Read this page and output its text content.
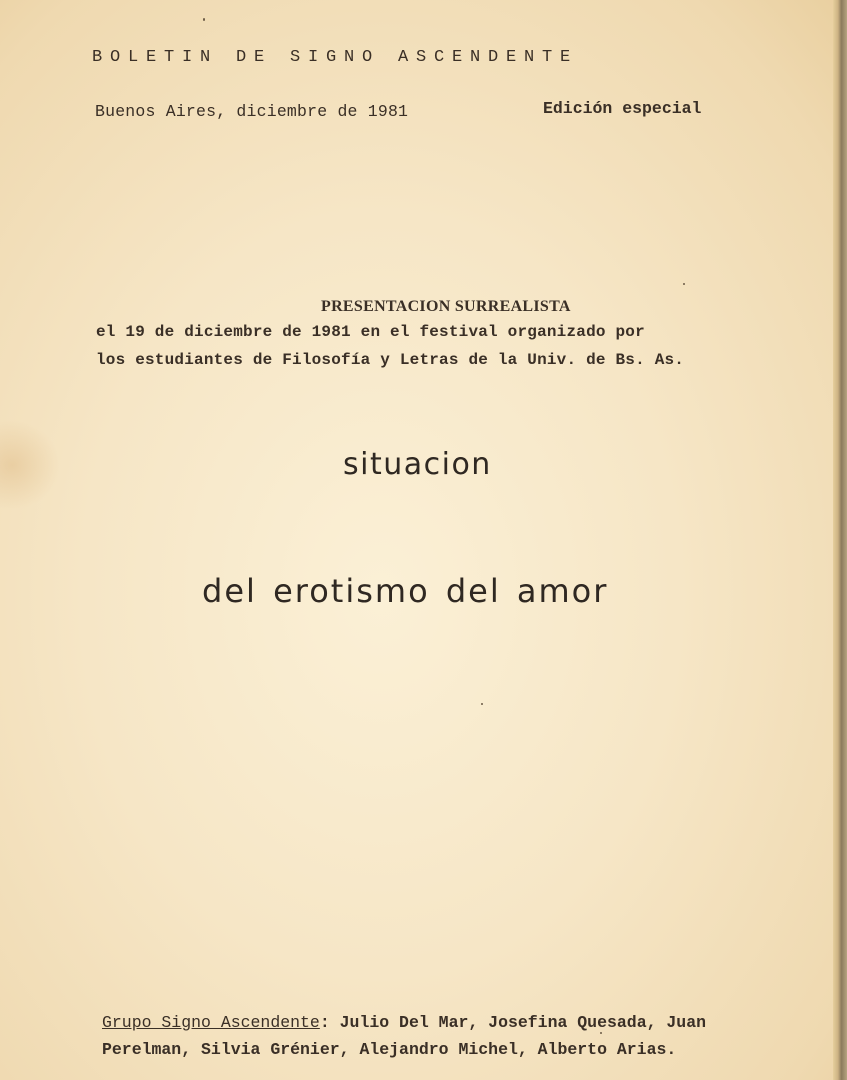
BOLETIN DE SIGNO ASCENDENTE

Buenos Aires, diciembre de 1981	Edición especial

PRESENTACION SURREALISTA

el 19 de diciembre de 1981 en el festival organizado por

los estudiantes de Filosofía y Letras de la Univ. de Bs. As.

situacion

del erotismo del amor

Grupo Signo Ascendente: Julio Del Mar, Josefina Quesada, Juan

Perelman, Silvia Grénier, Alejandro Michel, Alberto Arias.
